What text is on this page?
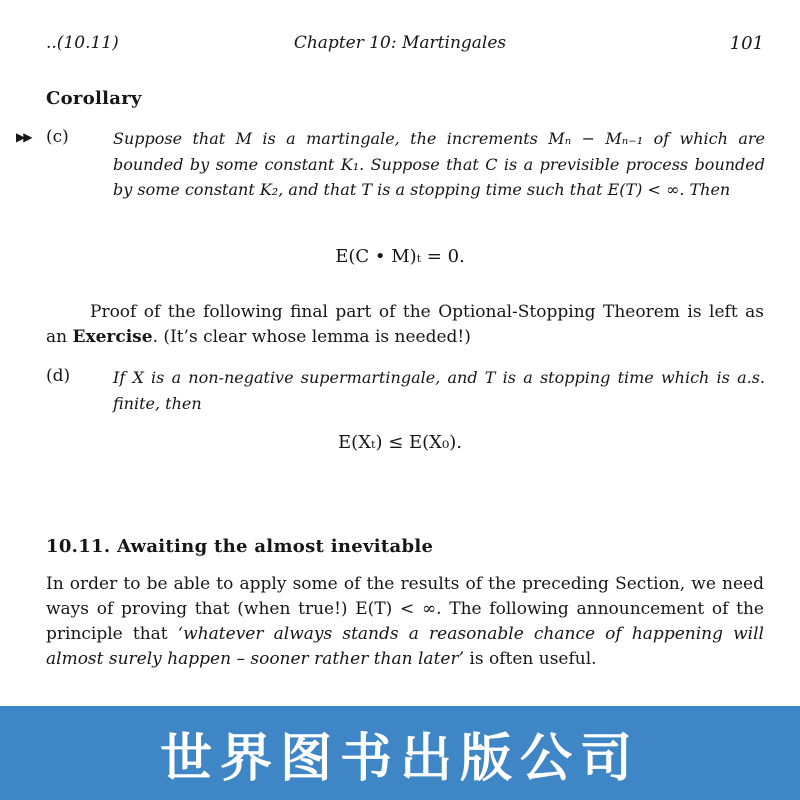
..(10.11)	Chapter 10: Martingales	101
Corollary
▶▶ (c)	Suppose that M is a martingale, the increments Mₙ − Mₙ₋₁ of which are bounded by some constant K₁. Suppose that C is a previsible process bounded by some constant K₂, and that T is a stopping time such that E(T) < ∞. Then
E(C • M)ₜ = 0.
Proof of the following final part of the Optional-Stopping Theorem is left as an Exercise. (It’s clear whose lemma is needed!)
(d)	If X is a non-negative supermartingale, and T is a stopping time which is a.s. finite, then
E(Xₜ) ≤ E(X₀).
10.11. Awaiting the almost inevitable
In order to be able to apply some of the results of the preceding Section, we need ways of proving that (when true!) E(T) < ∞. The following announcement of the principle that ‘whatever always stands a reasonable chance of happening will almost surely happen – sooner rather than later’ is often useful.
世界图书出版公司
